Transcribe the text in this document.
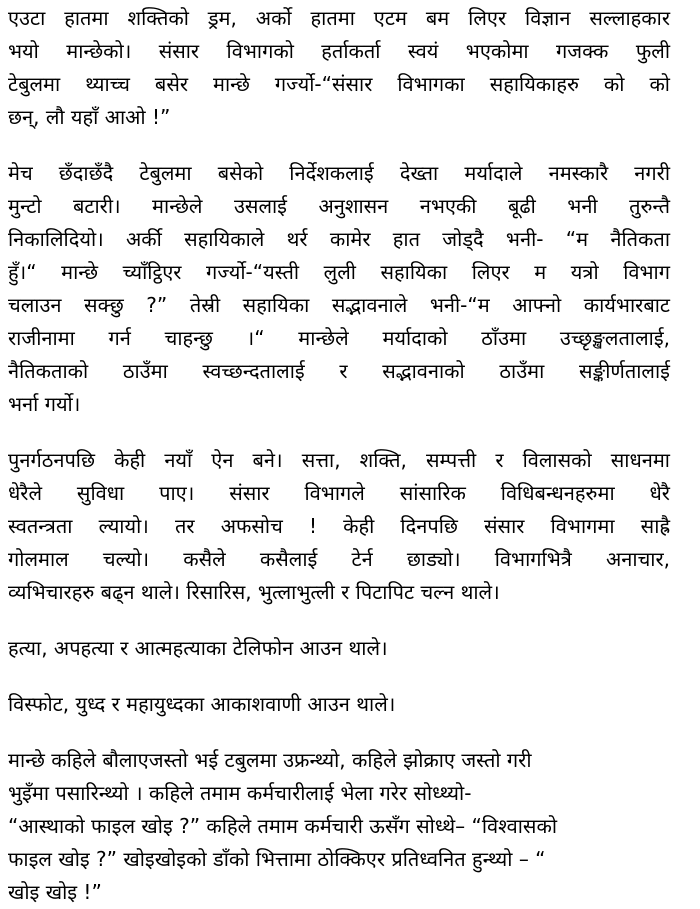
एउटा हातमा शक्तिको ड्रम, अर्को हातमा एटम बम लिएर विज्ञान सल्लाहकार
भयो मान्छेको। संसार विभागको हर्ताकर्ता स्वयं भएकोमा गजक्क फुली
टेबुलमा थ्याच्च बसेर मान्छे गर्ज्यो-“संसार विभागका सहायिकाहरु को को
छन्, लौ यहाँ आओ !”
मेच छँदाछँदै टेबुलमा बसेको निर्देशकलाई देख्ता मर्यादाले नमस्कारै नगरी
मुन्टो बटारी। मान्छेले उसलाई अनुशासन नभएकी बूढी भनी तुरुन्तै
निकालिदियो। अर्की सहायिकाले थर्र कामेर हात जोड्दै भनी- “म नैतिकता
हुँ।“ मान्छे च्याँट्ठिएर गर्ज्यो-“यस्ती लुली सहायिका लिएर म यत्रो विभाग
चलाउन सक्छु ?” तेस्री सहायिका सद्भावनाले भनी-“म आफ्नो कार्यभारबाट
राजीनामा गर्न चाहन्छु ।“ मान्छेले मर्यादाको ठाँउमा उच्छृङ्खलतालाई,
नैतिकताको ठाउँमा स्वच्छन्दतालाई र सद्भावनाको ठाउँमा सङ्कीर्णतालाई
भर्ना गर्यो।
पुनर्गठनपछि केही नयाँ ऐन बने। सत्ता, शक्ति, सम्पत्ती र विलासको साधनमा
धेरैले सुविधा पाए। संसार विभागले सांसारिक विधिबन्धनहरुमा धेरै
स्वतन्त्रता ल्यायो। तर अफसोच ! केही दिनपछि संसार विभागमा साह्रै
गोलमाल चल्यो। कसैले कसैलाई टेर्न छाड्यो। विभागभित्रै अनाचार,
व्यभिचारहरु बढ्न थाले। रिसारिस, भुत्लाभुत्ली र पिटापिट चल्न थाले।
हत्या, अपहत्या र आत्महत्याका टेलिफोन आउन थाले।
विस्फोट, युध्द र महायुध्दका आकाशवाणी आउन थाले।
मान्छे कहिले बौलाएजस्तो भई टबुलमा उफ्रन्थ्यो, कहिले झोक्राए जस्तो गरी
भुइँमा पसारिन्थ्यो । कहिले तमाम कर्मचारीलाई भेला गरेर सोध्थ्यो-
“आस्थाको फाइल खोइ ?” कहिले तमाम कर्मचारी ऊसँग सोध्थे– “विश्वासको
फाइल खोइ ?” खोइखोइको डाँको भित्तामा ठोक्किएर प्रतिध्वनित हुन्थ्यो – “
खोइ खोइ !”
